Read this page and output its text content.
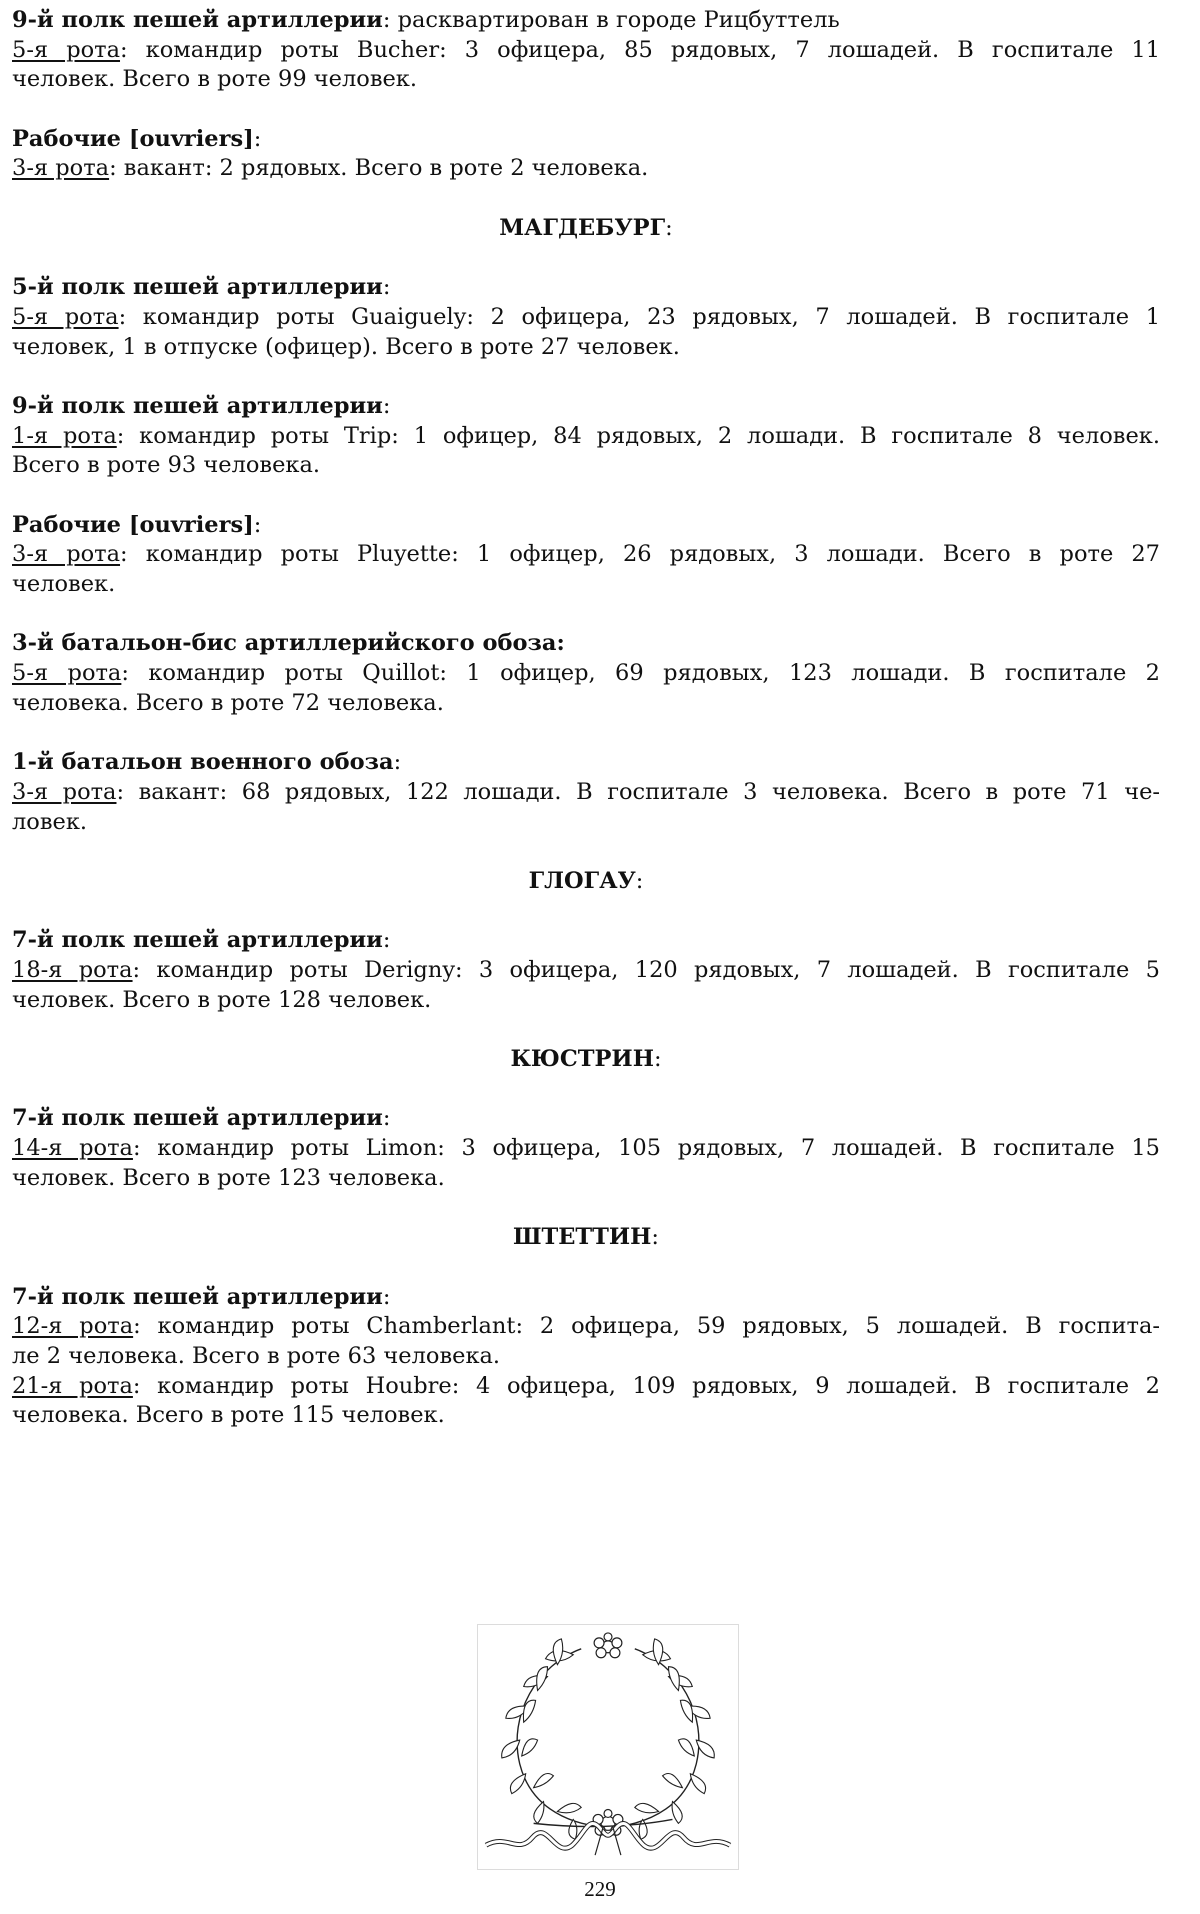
9-й полк пешей артиллерии: расквартирован в городе Рицбуттель
5-я рота: командир роты Bucher: 3 офицера, 85 рядовых, 7 лошадей. В госпитале 11
человек. Всего в роте 99 человек.
Рабочие [ouvriers]:
3-я рота: вакант: 2 рядовых. Всего в роте 2 человека.
МАГДЕБУРГ:
5-й полк пешей артиллерии:
5-я рота: командир роты Guaiguely: 2 офицера, 23 рядовых, 7 лошадей. В госпитале 1
человек, 1 в отпуске (офицер). Всего в роте 27 человек.
9-й полк пешей артиллерии:
1-я рота: командир роты Trip: 1 офицер, 84 рядовых, 2 лошади. В госпитале 8 человек.
Всего в роте 93 человека.
Рабочие [ouvriers]:
3-я рота: командир роты Pluyette: 1 офицер, 26 рядовых, 3 лошади. Всего в роте 27
человек.
3-й батальон-бис артиллерийского обоза:
5-я рота: командир роты Quillot: 1 офицер, 69 рядовых, 123 лошади. В госпитале 2
человека. Всего в роте 72 человека.
1-й батальон военного обоза:
3-я рота: вакант: 68 рядовых, 122 лошади. В госпитале 3 человека. Всего в роте 71 че-
ловек.
ГЛОГАУ:
7-й полк пешей артиллерии:
18-я рота: командир роты Derigny: 3 офицера, 120 рядовых, 7 лошадей. В госпитале 5
человек. Всего в роте 128 человек.
КЮСТРИН:
7-й полк пешей артиллерии:
14-я рота: командир роты Limon: 3 офицера, 105 рядовых, 7 лошадей. В госпитале 15
человек. Всего в роте 123 человека.
ШТЕТТИН:
7-й полк пешей артиллерии:
12-я рота: командир роты Chamberlant: 2 офицера, 59 рядовых, 5 лошадей. В госпита-
ле 2 человека. Всего в роте 63 человека.
21-я рота: командир роты Houbre: 4 офицера, 109 рядовых, 9 лошадей. В госпитале 2
человека. Всего в роте 115 человек.
229
